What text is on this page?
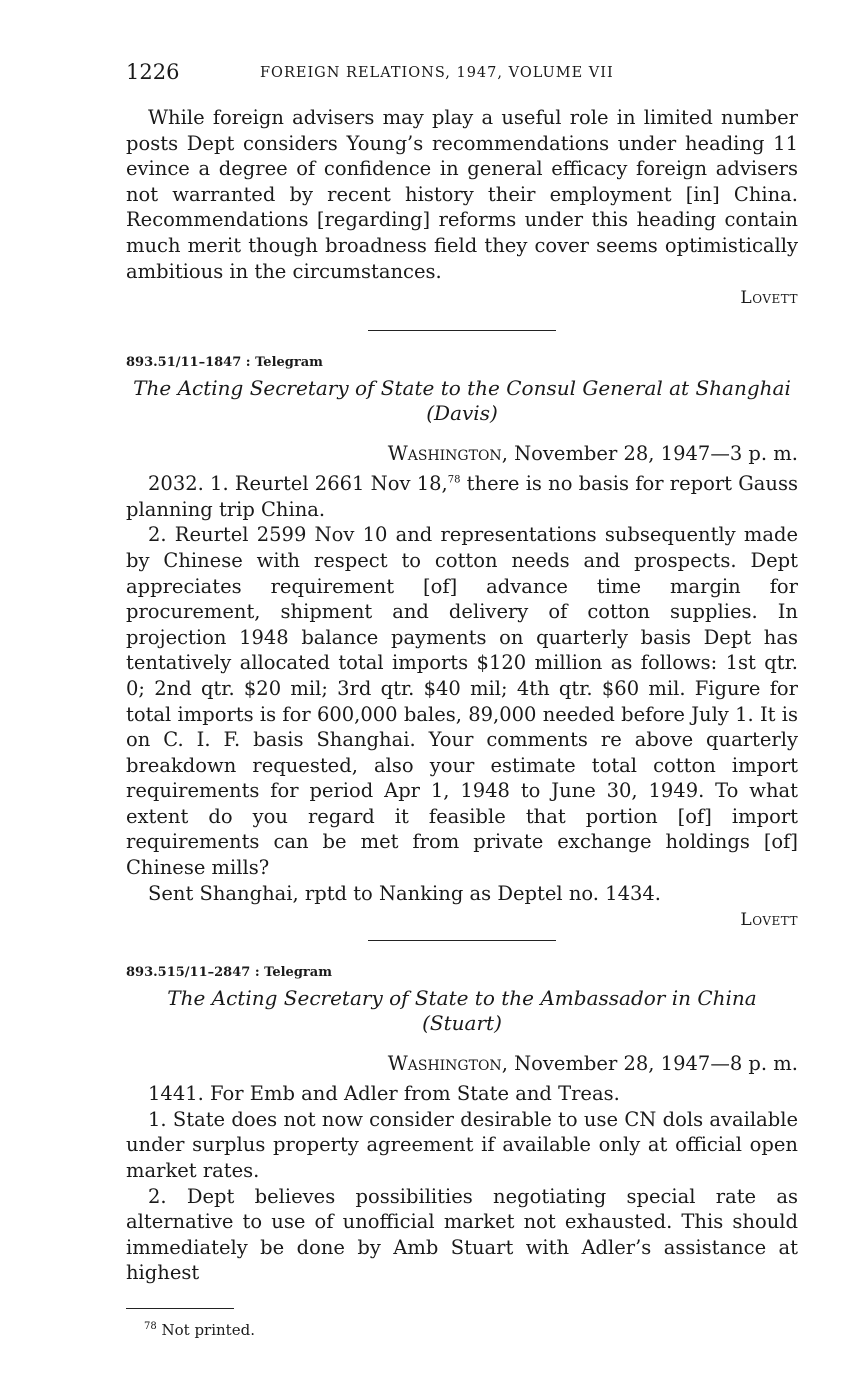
1226	FOREIGN RELATIONS, 1947, VOLUME VII

While foreign advisers may play a useful role in limited number posts Dept considers Young’s recommendations under heading 11 evince a degree of confidence in general efficacy foreign advisers not warranted by recent history their employment [in] China. Recommendations [regarding] reforms under this heading contain much merit though broadness field they cover seems optimistically ambitious in the circumstances.

Lovett

893.51/11–1847 : Telegram

The Acting Secretary of State to the Consul General at Shanghai (Davis)

Washington, November 28, 1947—3 p. m.

2032. 1. Reurtel 2661 Nov 18,78 there is no basis for report Gauss planning trip China.

2. Reurtel 2599 Nov 10 and representations subsequently made by Chinese with respect to cotton needs and prospects. Dept appreciates requirement [of] advance time margin for procurement, shipment and delivery of cotton supplies. In projection 1948 balance payments on quarterly basis Dept has tentatively allocated total imports $120 million as follows: 1st qtr. 0; 2nd qtr. $20 mil; 3rd qtr. $40 mil; 4th qtr. $60 mil. Figure for total imports is for 600,000 bales, 89,000 needed before July 1. It is on C. I. F. basis Shanghai. Your comments re above quarterly breakdown requested, also your estimate total cotton import requirements for period Apr 1, 1948 to June 30, 1949. To what extent do you regard it feasible that portion [of] import requirements can be met from private exchange holdings [of] Chinese mills?

Sent Shanghai, rptd to Nanking as Deptel no. 1434.

Lovett

893.515/11–2847 : Telegram

The Acting Secretary of State to the Ambassador in China (Stuart)

Washington, November 28, 1947—8 p. m.

1441. For Emb and Adler from State and Treas.

1. State does not now consider desirable to use CN dols available under surplus property agreement if available only at official open market rates.

2. Dept believes possibilities negotiating special rate as alternative to use of unofficial market not exhausted. This should immediately be done by Amb Stuart with Adler’s assistance at highest

$^{78}$ Not printed.
